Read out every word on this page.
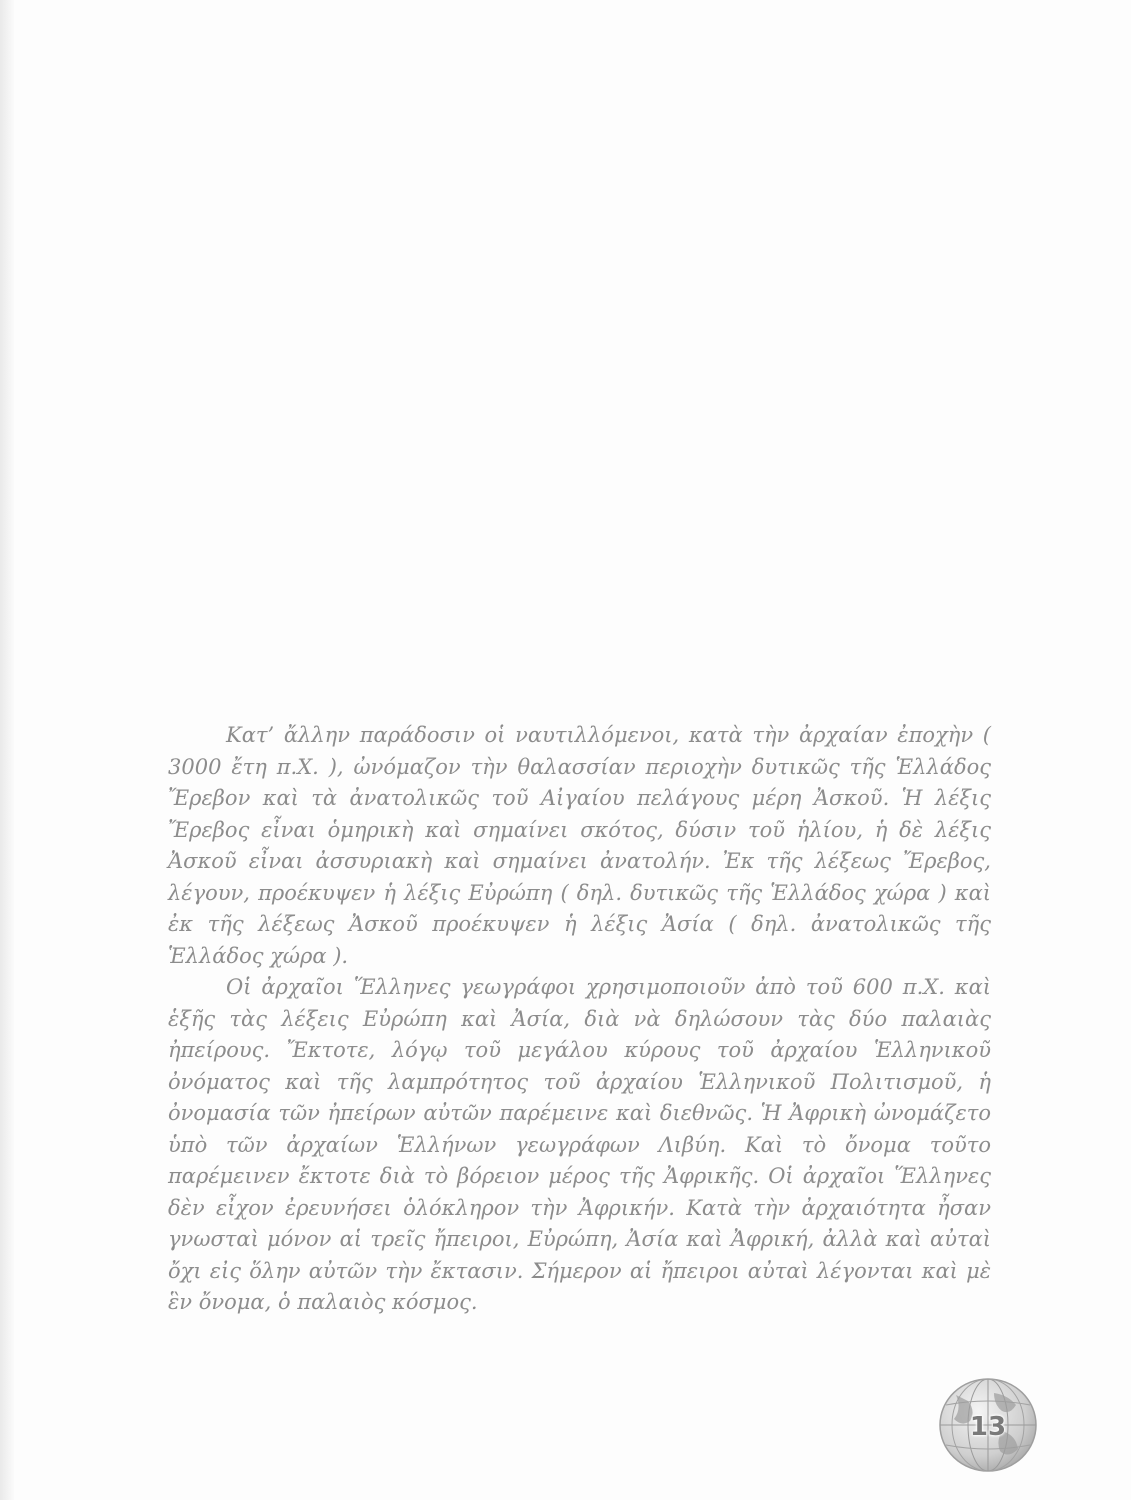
Κατ’ ἄλλην παράδοσιν οἱ ναυτιλλόμενοι, κατὰ τὴν ἀρχαίαν ἐποχὴν ( 3000 ἔτη π.Χ. ), ὠνόμαζον τὴν θαλασσίαν περιοχὴν δυτικῶς τῆς Ἑλλάδος Ἔρεβον καὶ τὰ ἀνατολικῶς τοῦ Αἰγαίου πελάγους μέρη Ἀσκοῦ. Ἡ λέξις Ἔρεβος εἶναι ὁμηρικὴ καὶ σημαίνει σκότος, δύσιν τοῦ ἡλίου, ἡ δὲ λέξις Ἀσκοῦ εἶναι ἀσσυριακὴ καὶ σημαίνει ἀνατολήν. Ἐκ τῆς λέξεως Ἔρεβος, λέγουν, προέκυψεν ἡ λέξις Εὐρώπη ( δηλ. δυτικῶς τῆς Ἑλλάδος χώρα ) καὶ ἐκ τῆς λέξεως Ἀσκοῦ προέκυψεν ἡ λέξις Ἀσία ( δηλ. ἀνατολικῶς τῆς Ἑλλάδος χώρα ).

Οἱ ἀρχαῖοι Ἕλληνες γεωγράφοι χρησιμοποιοῦν ἀπὸ τοῦ 600 π.Χ. καὶ ἑξῆς τὰς λέξεις Εὐρώπη καὶ Ἀσία, διὰ νὰ δηλώσουν τὰς δύο παλαιὰς ἠπείρους. Ἔκτοτε, λόγῳ τοῦ μεγάλου κύρους τοῦ ἀρχαίου Ἑλληνικοῦ ὀνόματος καὶ τῆς λαμπρότητος τοῦ ἀρχαίου Ἑλληνικοῦ Πολιτισμοῦ, ἡ ὀνομασία τῶν ἠπείρων αὐτῶν παρέμεινε καὶ διεθνῶς. Ἡ Ἀφρικὴ ὠνομάζετο ὑπὸ τῶν ἀρχαίων Ἑλλήνων γεωγράφων Λιβύη. Καὶ τὸ ὄνομα τοῦτο παρέμεινεν ἔκτοτε διὰ τὸ βόρειον μέρος τῆς Ἀφρικῆς. Οἱ ἀρχαῖοι Ἕλληνες δὲν εἶχον ἐρευνήσει ὁλόκληρον τὴν Ἀφρικήν. Κατὰ τὴν ἀρχαιότητα ἦσαν γνωσταὶ μόνον αἱ τρεῖς ἤπειροι, Εὐρώπη, Ἀσία καὶ Ἀφρική, ἀλλὰ καὶ αὐταὶ ὄχι εἰς ὅλην αὐτῶν τὴν ἔκτασιν. Σήμερον αἱ ἤπειροι αὐταὶ λέγονται καὶ μὲ ἓν ὄνομα, ὁ παλαιὸς κόσμος.

13
